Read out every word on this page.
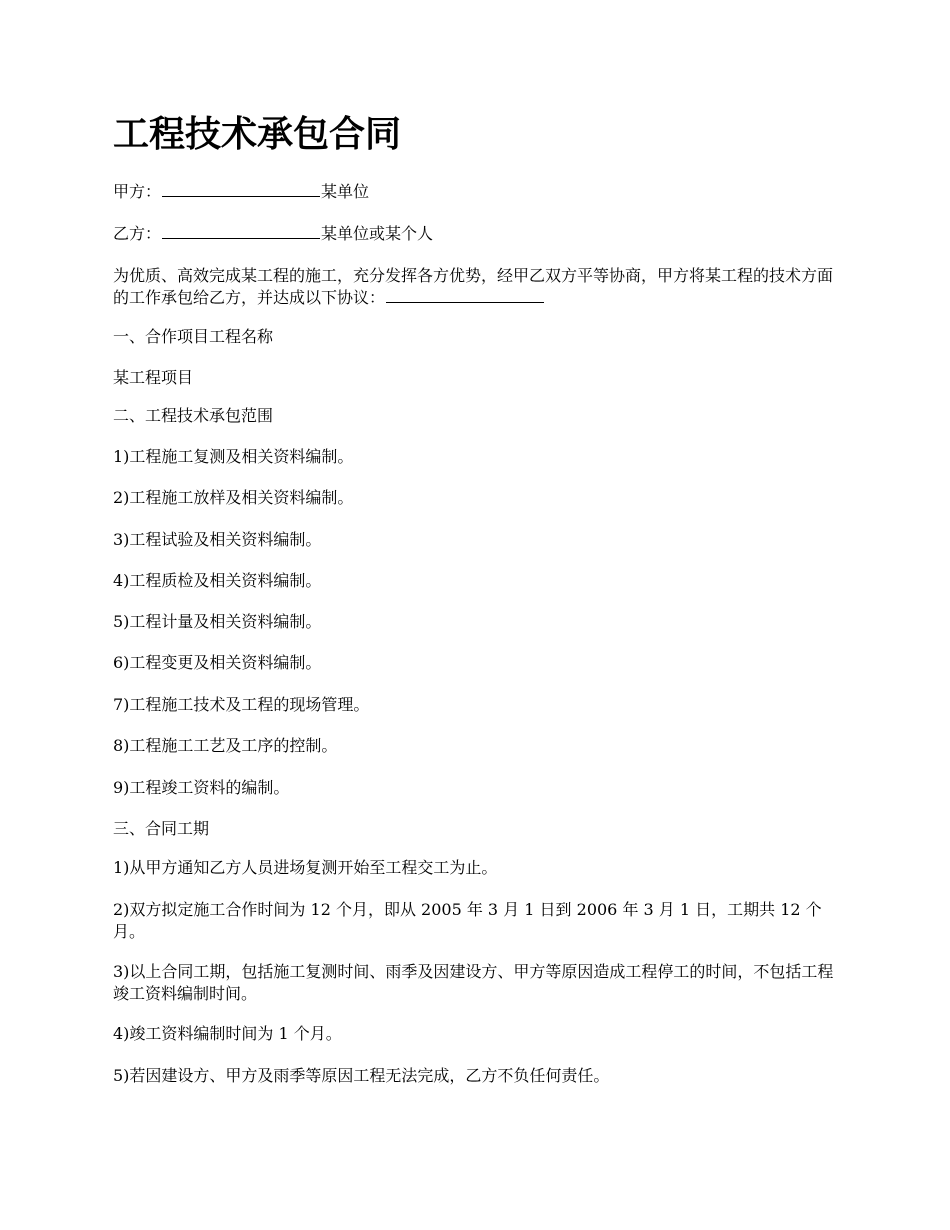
工程技术承包合同

甲方：	某单位

乙方：	某单位或某个人

为优质、高效完成某工程的施工，充分发挥各方优势，经甲乙双方平等协商，甲方将某工程的技术方面的工作承包给乙方，并达成以下协议：

一、合作项目工程名称

某工程项目

二、工程技术承包范围

1)工程施工复测及相关资料编制。

2)工程施工放样及相关资料编制。

3)工程试验及相关资料编制。

4)工程质检及相关资料编制。

5)工程计量及相关资料编制。

6)工程变更及相关资料编制。

7)工程施工技术及工程的现场管理。

8)工程施工工艺及工序的控制。

9)工程竣工资料的编制。

三、合同工期

1)从甲方通知乙方人员进场复测开始至工程交工为止。

2)双方拟定施工合作时间为 12 个月，即从 2005 年 3 月 1 日到 2006 年 3 月 1 日，工期共 12 个月。

3)以上合同工期，包括施工复测时间、雨季及因建设方、甲方等原因造成工程停工的时间，不包括工程竣工资料编制时间。

4)竣工资料编制时间为 1 个月。

5)若因建设方、甲方及雨季等原因工程无法完成，乙方不负任何责任。
